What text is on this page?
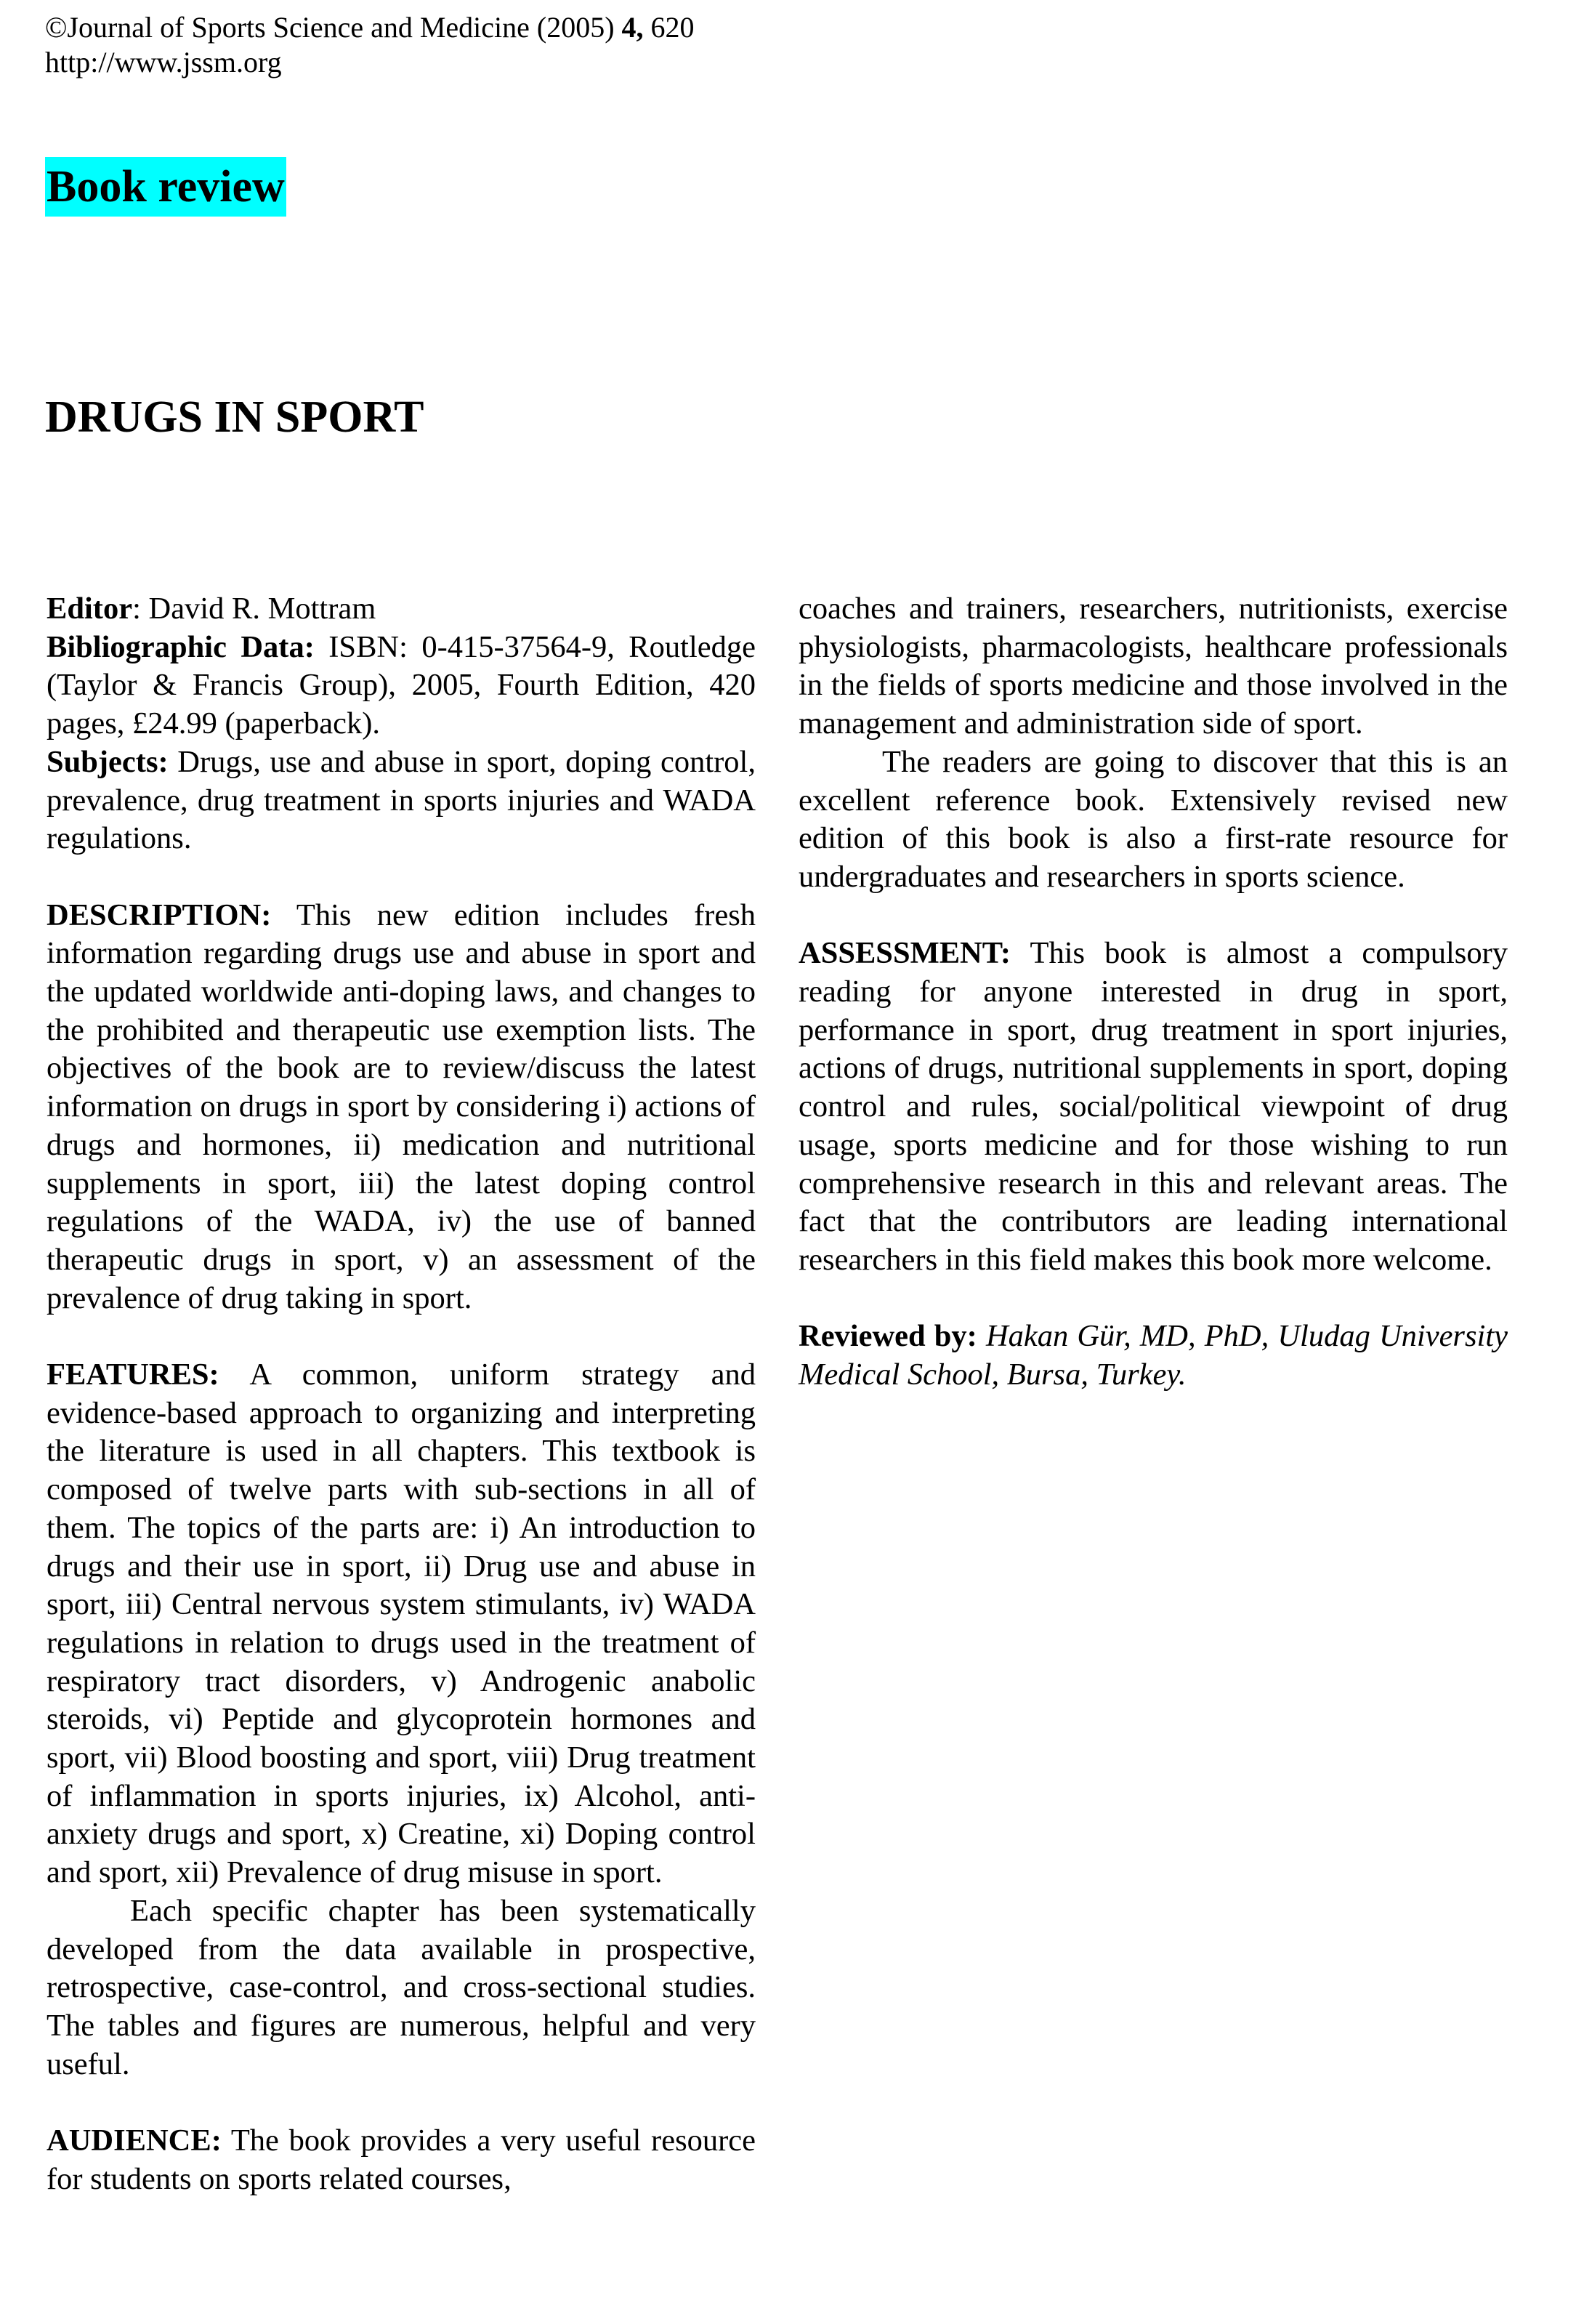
©Journal of Sports Science and Medicine (2005) 4, 620
http://www.jssm.org
Book review
DRUGS IN SPORT

Editor: David R. Mottram

Bibliographic Data: ISBN: 0-415-37564-9, Routledge (Taylor & Francis Group), 2005, Fourth Edition, 420 pages, £24.99 (paperback).

Subjects: Drugs, use and abuse in sport, doping control, prevalence, drug treatment in sports injuries and WADA regulations.

DESCRIPTION: This new edition includes fresh information regarding drugs use and abuse in sport and the updated worldwide anti-doping laws, and changes to the prohibited and therapeutic use exemption lists. The objectives of the book are to review/discuss the latest information on drugs in sport by considering i) actions of drugs and hormones, ii) medication and nutritional supplements in sport, iii) the latest doping control regulations of the WADA, iv) the use of banned therapeutic drugs in sport, v) an assessment of the prevalence of drug taking in sport.

FEATURES: A common, uniform strategy and evidence-based approach to organizing and interpreting the literature is used in all chapters. This textbook is composed of twelve parts with sub-sections in all of them. The topics of the parts are: i) An introduction to drugs and their use in sport, ii) Drug use and abuse in sport, iii) Central nervous system stimulants, iv) WADA regulations in relation to drugs used in the treatment of respiratory tract disorders, v) Androgenic anabolic steroids, vi) Peptide and glycoprotein hormones and sport, vii) Blood boosting and sport, viii) Drug treatment of inflammation in sports injuries, ix) Alcohol, anti-anxiety drugs and sport, x) Creatine, xi) Doping control and sport, xii) Prevalence of drug misuse in sport.

Each specific chapter has been systematically developed from the data available in prospective, retrospective, case-control, and cross-sectional studies. The tables and figures are numerous, helpful and very useful.

AUDIENCE: The book provides a very useful resource for students on sports related courses,

coaches and trainers, researchers, nutritionists, exercise physiologists, pharmacologists, healthcare professionals in the fields of sports medicine and those involved in the management and administration side of sport.

The readers are going to discover that this is an excellent reference book. Extensively revised new edition of this book is also a first-rate resource for undergraduates and researchers in sports science.

ASSESSMENT: This book is almost a compulsory reading for anyone interested in drug in sport, performance in sport, drug treatment in sport injuries, actions of drugs, nutritional supplements in sport, doping control and rules, social/political viewpoint of drug usage, sports medicine and for those wishing to run comprehensive research in this and relevant areas. The fact that the contributors are leading international researchers in this field makes this book more welcome.

Reviewed by: Hakan Gür, MD, PhD, Uludag University Medical School, Bursa, Turkey.
